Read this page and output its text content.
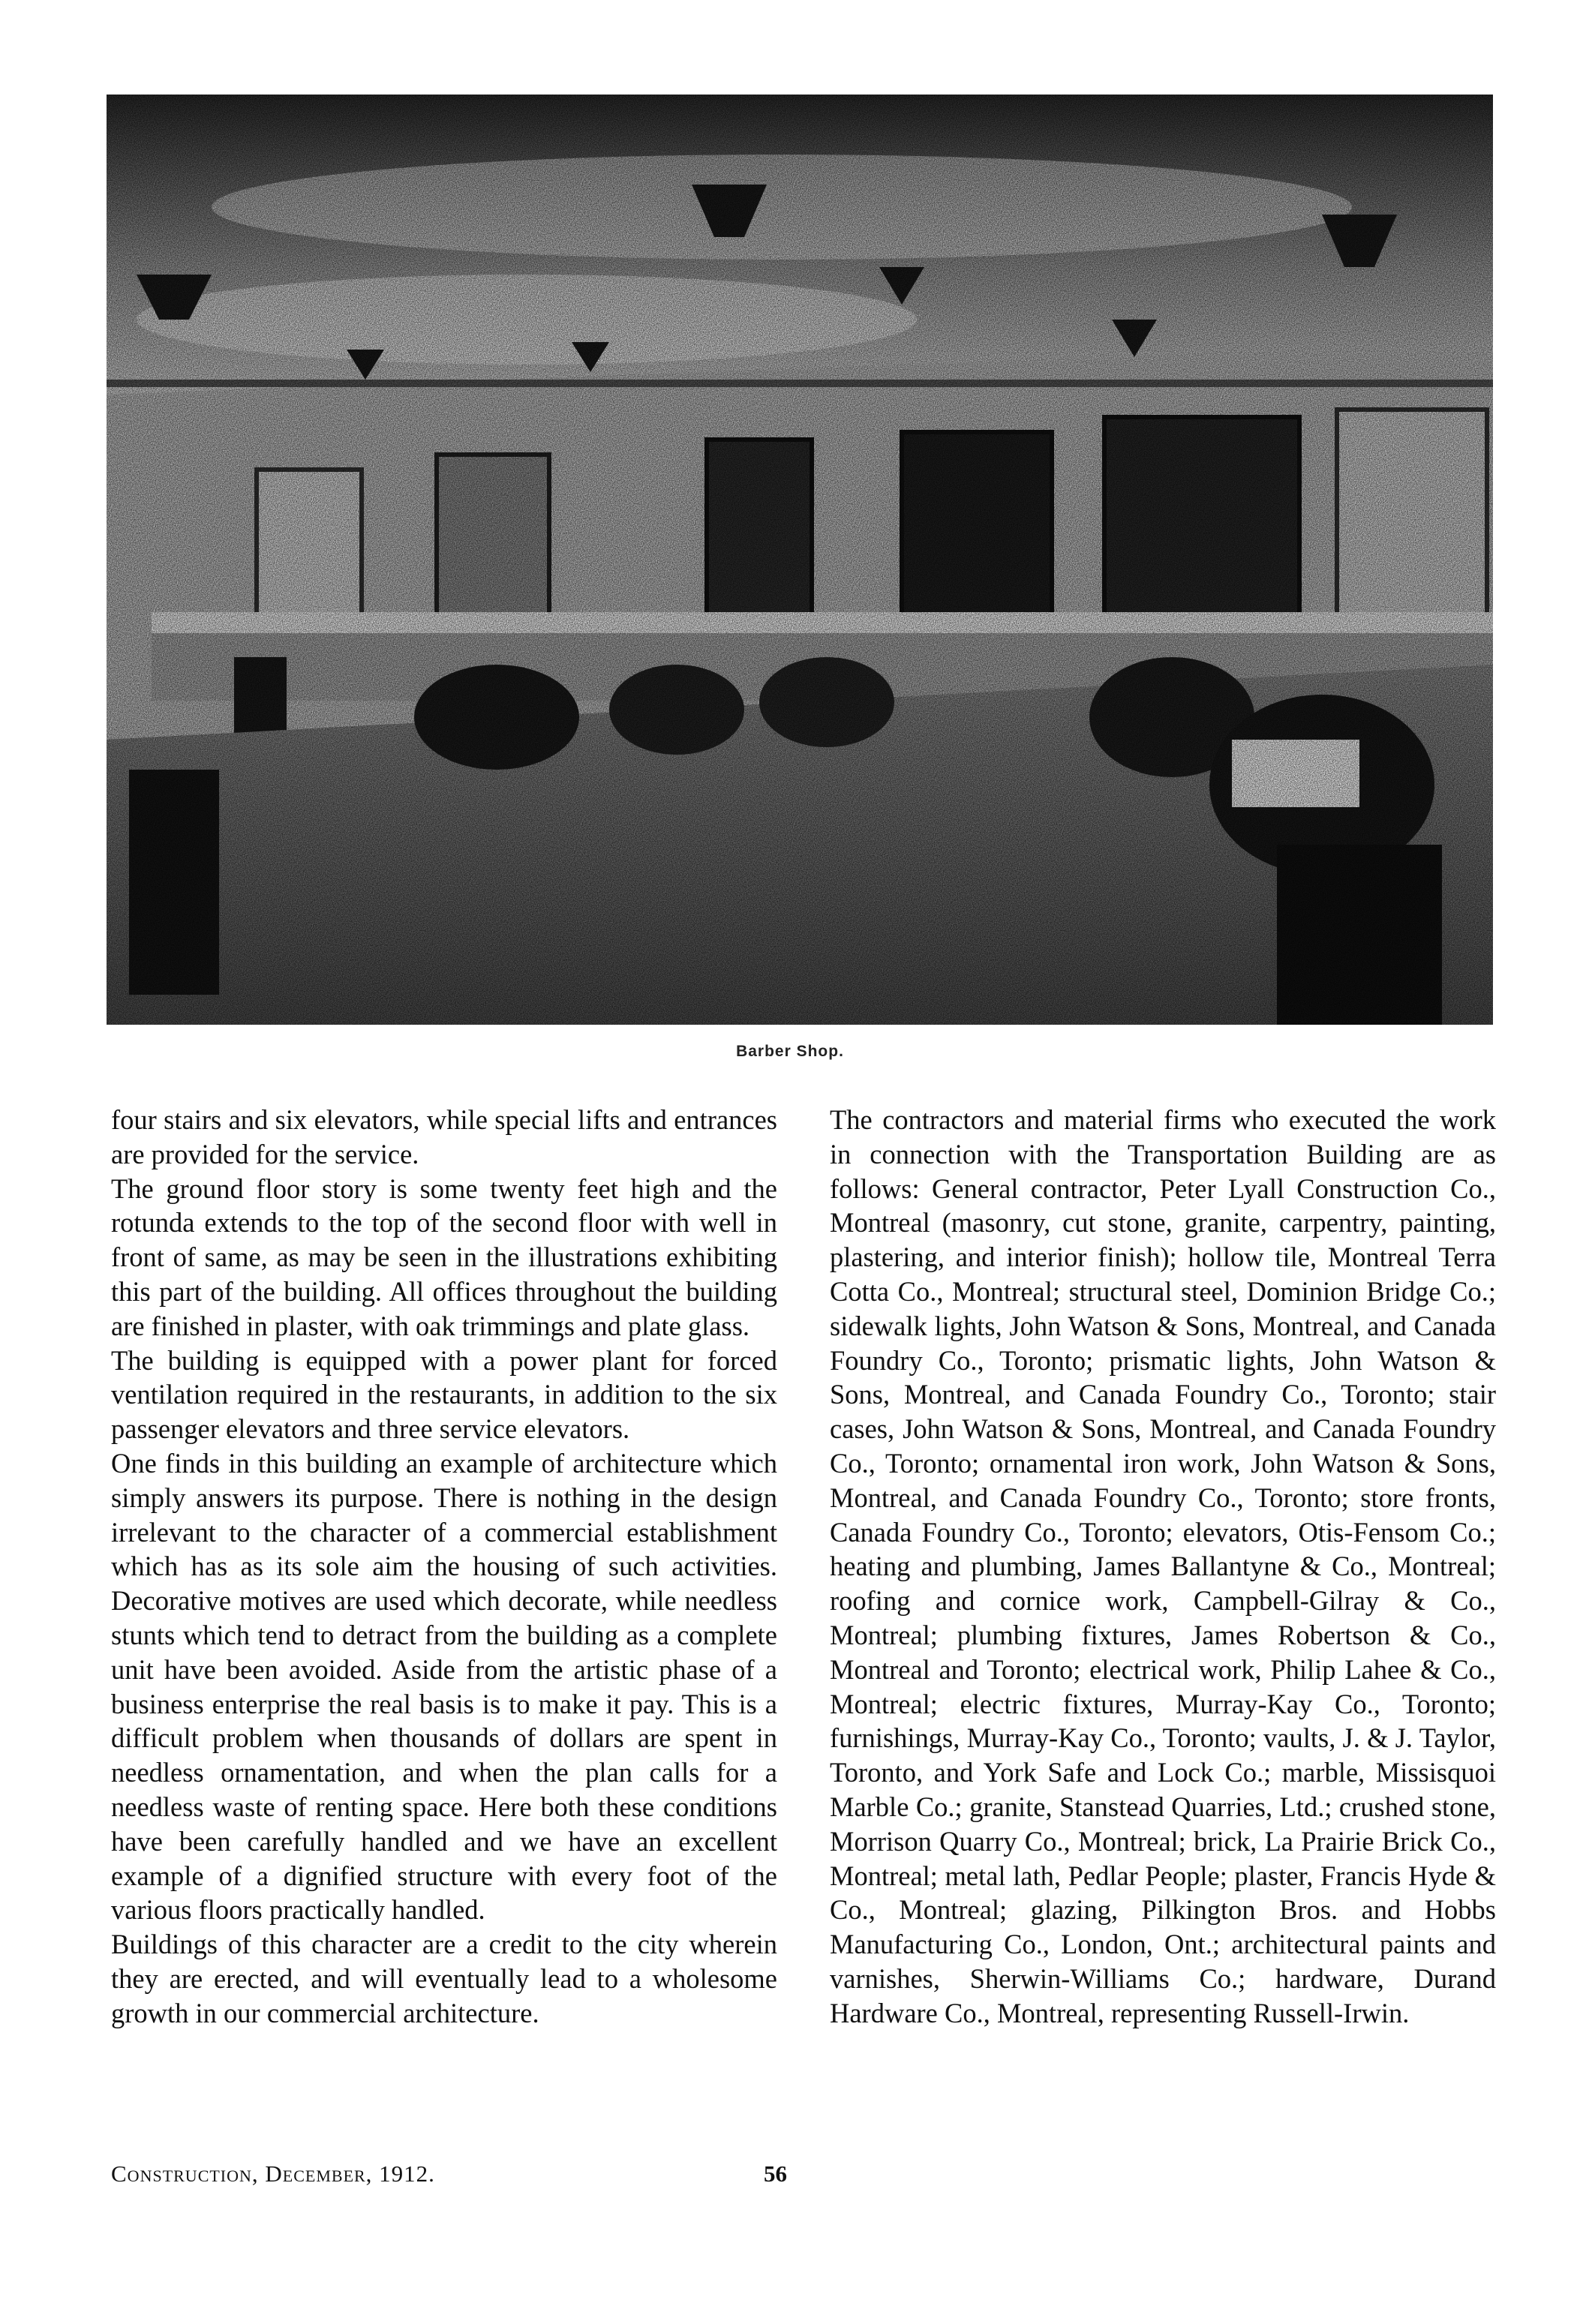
Barber Shop.

four stairs and six elevators, while special lifts and entrances are provided for the service.

The ground floor story is some twenty feet high and the rotunda extends to the top of the second floor with well in front of same, as may be seen in the illustrations exhibiting this part of the building. All offices throughout the building are finished in plaster, with oak trimmings and plate glass.

The building is equipped with a power plant for forced ventilation required in the restaurants, in addition to the six passenger elevators and three service elevators.

One finds in this building an example of architecture which simply answers its purpose. There is nothing in the design irrelevant to the character of a commercial establishment which has as its sole aim the housing of such activities. Decorative motives are used which decorate, while needless stunts which tend to detract from the building as a complete unit have been avoided. Aside from the artistic phase of a business enterprise the real basis is to make it pay. This is a difficult problem when thousands of dollars are spent in needless ornamentation, and when the plan calls for a needless waste of renting space. Here both these conditions have been carefully handled and we have an excellent example of a dignified structure with every foot of the various floors practically handled.

Buildings of this character are a credit to the city wherein they are erected, and will eventually lead to a wholesome growth in our commercial architecture.

The contractors and material firms who executed the work in connection with the Transportation Building are as follows: General contractor, Peter Lyall Construction Co., Montreal (masonry, cut stone, granite, carpentry, painting, plastering, and interior finish); hollow tile, Montreal Terra Cotta Co., Montreal; structural steel, Dominion Bridge Co.; sidewalk lights, John Watson & Sons, Montreal, and Canada Foundry Co., Toronto; prismatic lights, John Watson & Sons, Montreal, and Canada Foundry Co., Toronto; stair cases, John Watson & Sons, Montreal, and Canada Foundry Co., Toronto; ornamental iron work, John Watson & Sons, Montreal, and Canada Foundry Co., Toronto; store fronts, Canada Foundry Co., Toronto; elevators, Otis-Fensom Co.; heating and plumbing, James Ballantyne & Co., Montreal; roofing and cornice work, Campbell-Gilray & Co., Montreal; plumbing fixtures, James Robertson & Co., Montreal and Toronto; electrical work, Philip Lahee & Co., Montreal; electric fixtures, Murray-Kay Co., Toronto; furnishings, Murray-Kay Co., Toronto; vaults, J. & J. Taylor, Toronto, and York Safe and Lock Co.; marble, Missisquoi Marble Co.; granite, Stanstead Quarries, Ltd.; crushed stone, Morrison Quarry Co., Montreal; brick, La Prairie Brick Co., Montreal; metal lath, Pedlar People; plaster, Francis Hyde & Co., Montreal; glazing, Pilkington Bros. and Hobbs Manufacturing Co., London, Ont.; architectural paints and varnishes, Sherwin-Williams Co.; hardware, Durand Hardware Co., Montreal, representing Russell-Irwin.

Construction, December, 1912.	56
